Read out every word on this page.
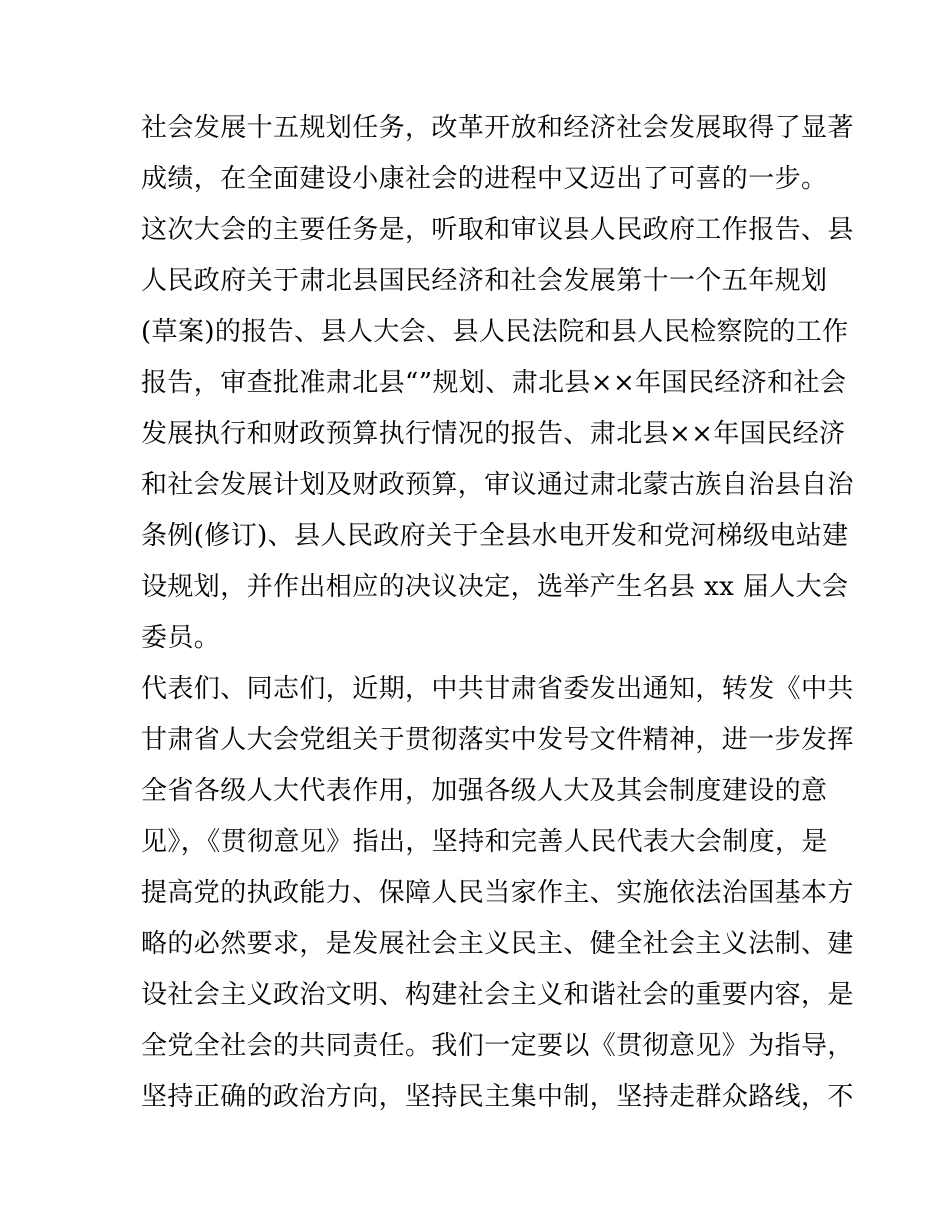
社会发展十五规划任务，改革开放和经济社会发展取得了显著
成绩，在全面建设小康社会的进程中又迈出了可喜的一步。
这次大会的主要任务是，听取和审议县人民政府工作报告、县
人民政府关于肃北县国民经济和社会发展第十一个五年规划
(草案)的报告、县人大会、县人民法院和县人民检察院的工作
报告，审查批准肃北县“”规划、肃北县××年国民经济和社会
发展执行和财政预算执行情况的报告、肃北县××年国民经济
和社会发展计划及财政预算，审议通过肃北蒙古族自治县自治
条例(修订)、县人民政府关于全县水电开发和党河梯级电站建
设规划，并作出相应的决议决定，选举产生名县 xx 届人大会
委员。
代表们、同志们，近期，中共甘肃省委发出通知，转发《中共
甘肃省人大会党组关于贯彻落实中发号文件精神，进一步发挥
全省各级人大代表作用，加强各级人大及其会制度建设的意
见》，《贯彻意见》指出，坚持和完善人民代表大会制度，是
提高党的执政能力、保障人民当家作主、实施依法治国基本方
略的必然要求，是发展社会主义民主、健全社会主义法制、建
设社会主义政治文明、构建社会主义和谐社会的重要内容，是
全党全社会的共同责任。我们一定要以《贯彻意见》为指导，
坚持正确的政治方向，坚持民主集中制，坚持走群众路线，不
